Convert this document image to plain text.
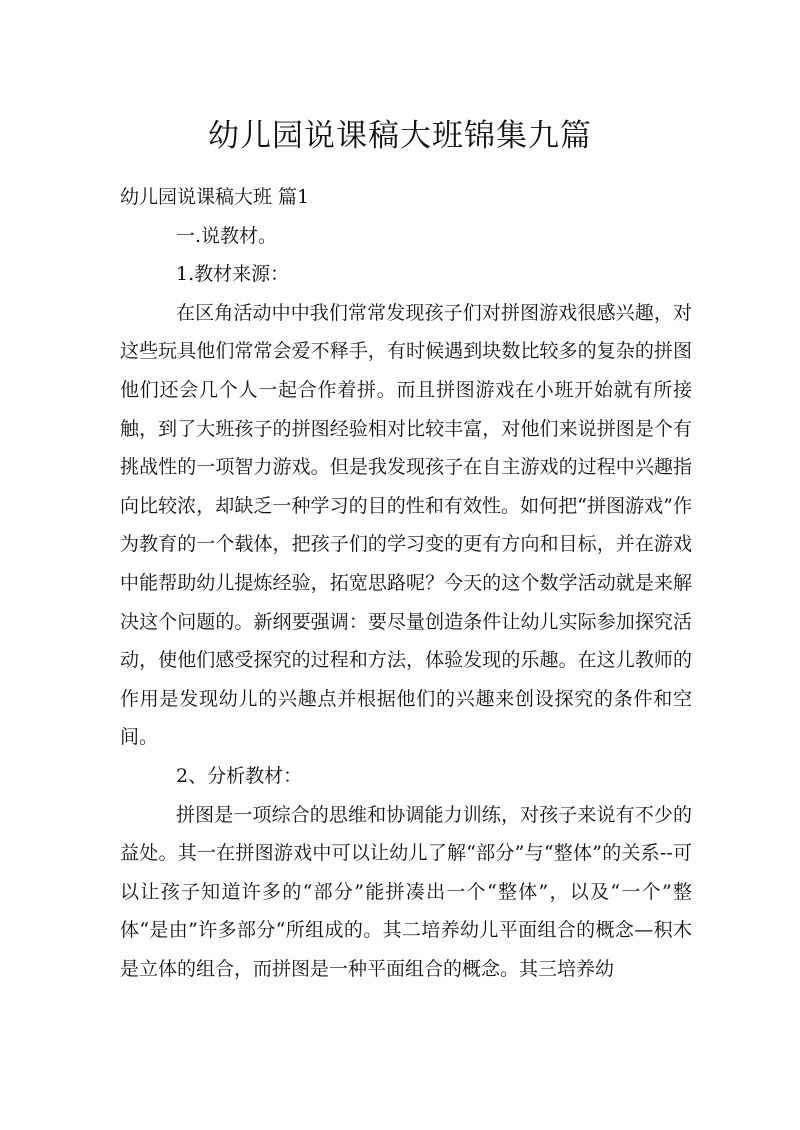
幼儿园说课稿大班锦集九篇

幼儿园说课稿大班 篇1

一.说教材。

1.教材来源：

在区角活动中中我们常常发现孩子们对拼图游戏很感兴趣，对这些玩具他们常常会爱不释手，有时候遇到块数比较多的复杂的拼图他们还会几个人一起合作着拼。而且拼图游戏在小班开始就有所接触，到了大班孩子的拼图经验相对比较丰富，对他们来说拼图是个有挑战性的一项智力游戏。但是我发现孩子在自主游戏的过程中兴趣指向比较浓，却缺乏一种学习的目的性和有效性。如何把“拼图游戏”作为教育的一个载体，把孩子们的学习变的更有方向和目标，并在游戏中能帮助幼儿提炼经验，拓宽思路呢？今天的这个数学活动就是来解决这个问题的。新纲要强调：要尽量创造条件让幼儿实际参加探究活动，使他们感受探究的过程和方法，体验发现的乐趣。在这儿教师的作用是发现幼儿的兴趣点并根据他们的兴趣来创设探究的条件和空间。

2、分析教材：

拼图是一项综合的思维和协调能力训练，对孩子来说有不少的益处。其一在拼图游戏中可以让幼儿了解“部分”与“整体”的关系--可以让孩子知道许多的“部分”能拼凑出一个“整体”，以及“一个”整体“是由”许多部分“所组成的。其二培养幼儿平面组合的概念—积木是立体的组合，而拼图是一种平面组合的概念。其三培养幼
